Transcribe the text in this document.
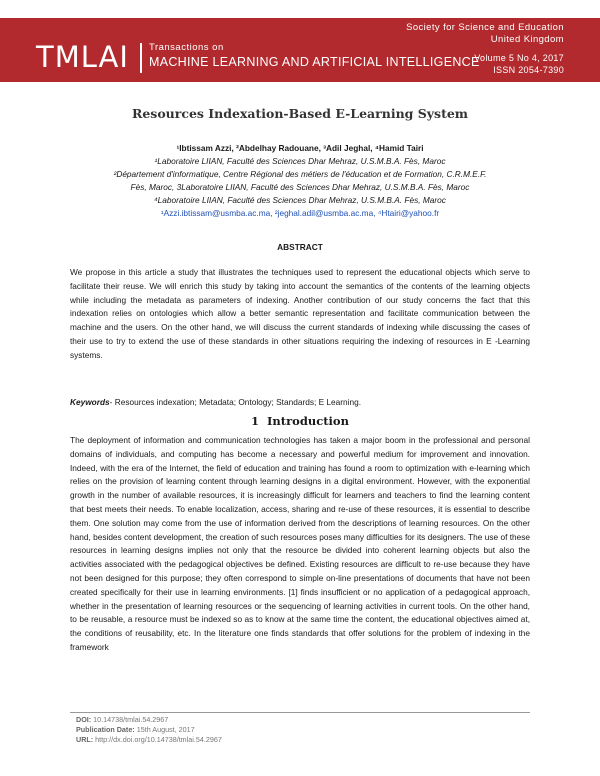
TMLAI Transactions on
MACHINE LEARNING AND ARTIFICIAL INTELLIGENCE
Society for Science and Education
United Kingdom
Volume 5 No 4, 2017
ISSN 2054-7390
Resources Indexation-Based E-Learning System
¹Ibtissam Azzi, ²Abdelhay Radouane, ³Adil Jeghal, ⁴Hamid Tairi
¹Laboratoire LIIAN, Faculté des Sciences Dhar Mehraz, U.S.M.B.A. Fès, Maroc
²Département d'informatique, Centre Régional des métiers de l'éducation et de Formation, C.R.M.E.F.
Fès, Maroc, 3Laboratoire LIIAN, Faculté des Sciences Dhar Mehraz, U.S.M.B.A. Fès, Maroc
⁴Laboratoire LIIAN, Faculté des Sciences Dhar Mehraz, U.S.M.B.A. Fès, Maroc
¹Azzi.ibtissam@usmba.ac.ma, ²jeghal.adil@usmba.ac.ma, ⁴Htairi@yahoo.fr
ABSTRACT
We propose in this article a study that illustrates the techniques used to represent the educational objects which serve to facilitate their reuse. We will enrich this study by taking into account the semantics of the contents of the learning objects while including the metadata as parameters of indexing. Another contribution of our study concerns the fact that this indexation relies on ontologies which allow a better semantic representation and facilitate communication between the machine and the users. On the other hand, we will discuss the current standards of indexing while discussing the cases of their use to try to extend the use of these standards in other situations requiring the indexing of resources in E -Learning systems.
Keywords- Resources indexation; Metadata; Ontology; Standards; E Learning.
1 Introduction
The deployment of information and communication technologies has taken a major boom in the professional and personal domains of individuals, and computing has become a necessary and powerful medium for improvement and innovation. Indeed, with the era of the Internet, the field of education and training has found a room to optimization with e-learning which relies on the provision of learning content through learning designs in a digital environment. However, with the exponential growth in the number of available resources, it is increasingly difficult for learners and teachers to find the learning content that best meets their needs. To enable localization, access, sharing and re-use of these resources, it is essential to describe them. One solution may come from the use of information derived from the descriptions of learning resources. On the other hand, besides content development, the creation of such resources poses many difficulties for its designers. The use of these resources in learning designs implies not only that the resource be divided into coherent learning objects but also the activities associated with the pedagogical objectives be defined. Existing resources are difficult to re-use because they have not been designed for this purpose; they often correspond to simple on-line presentations of documents that have not been created specifically for their use in learning environments. [1] finds insufficient or no application of a pedagogical approach, whether in the presentation of learning resources or the sequencing of learning activities in current tools. On the other hand, to be reusable, a resource must be indexed so as to know at the same time the content, the educational objectives aimed at, the conditions of reusability, etc. In the literature one finds standards that offer solutions for the problem of indexing in the framework
DOI: 10.14738/tmlai.54.2967
Publication Date: 15th August, 2017
URL: http://dx.doi.org/10.14738/tmlai.54.2967
